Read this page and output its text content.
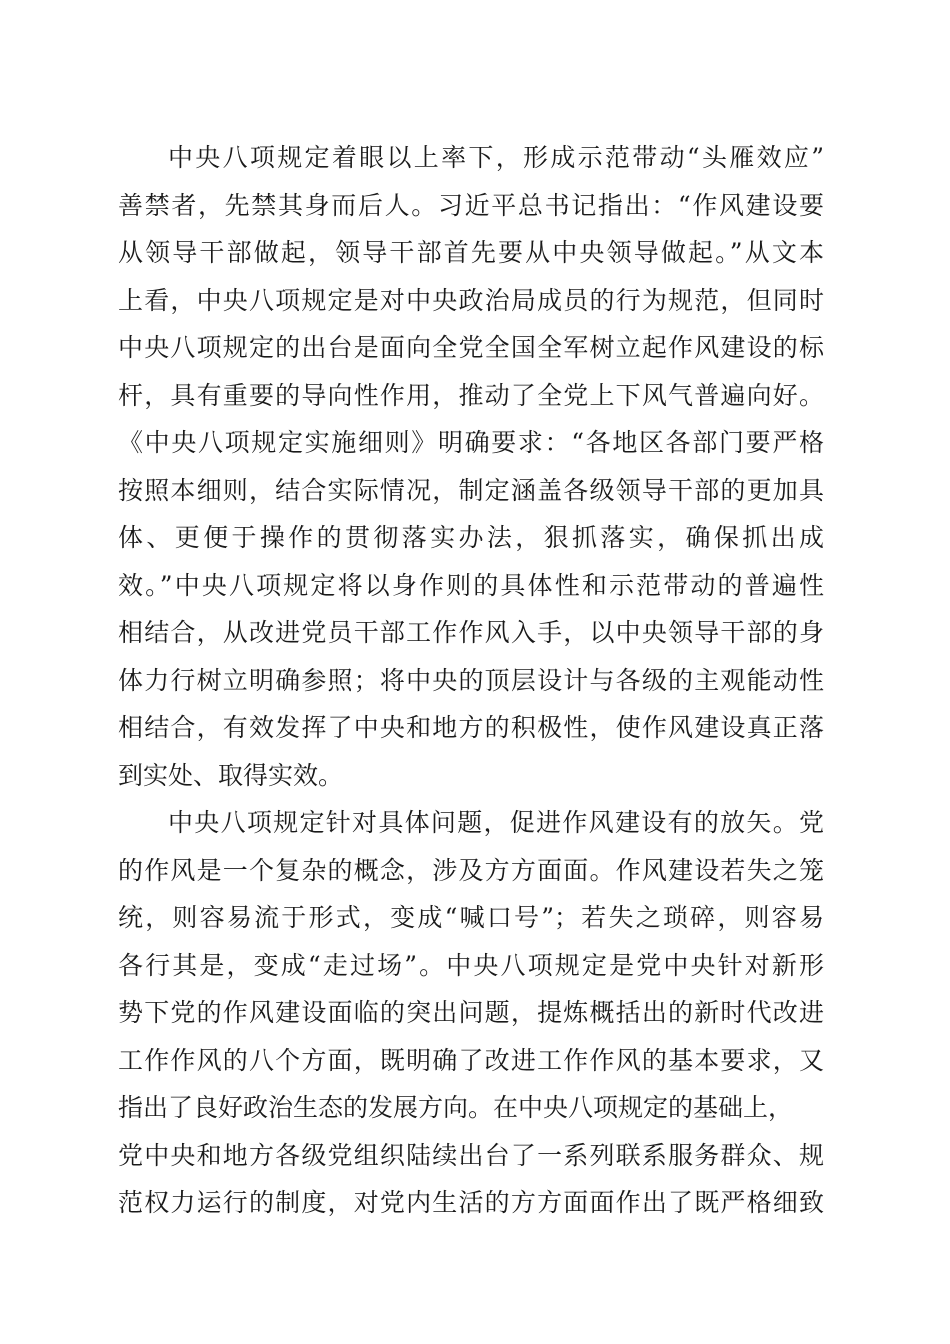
中央八项规定着眼以上率下，形成示范带动“头雁效应”
善禁者，先禁其身而后人。习近平总书记指出：“作风建设要
从领导干部做起，领导干部首先要从中央领导做起。”从文本
上看，中央八项规定是对中央政治局成员的行为规范，但同时
中央八项规定的出台是面向全党全国全军树立起作风建设的标
杆，具有重要的导向性作用，推动了全党上下风气普遍向好。
《中央八项规定实施细则》明确要求：“各地区各部门要严格
按照本细则，结合实际情况，制定涵盖各级领导干部的更加具
体、更便于操作的贯彻落实办法，狠抓落实，确保抓出成
效。”中央八项规定将以身作则的具体性和示范带动的普遍性
相结合，从改进党员干部工作作风入手，以中央领导干部的身
体力行树立明确参照；将中央的顶层设计与各级的主观能动性
相结合，有效发挥了中央和地方的积极性，使作风建设真正落
到实处、取得实效。
中央八项规定针对具体问题，促进作风建设有的放矢。党
的作风是一个复杂的概念，涉及方方面面。作风建设若失之笼
统，则容易流于形式，变成“喊口号”；若失之琐碎，则容易
各行其是，变成“走过场”。中央八项规定是党中央针对新形
势下党的作风建设面临的突出问题，提炼概括出的新时代改进
工作作风的八个方面，既明确了改进工作作风的基本要求，又
指出了良好政治生态的发展方向。在中央八项规定的基础上，
党中央和地方各级党组织陆续出台了一系列联系服务群众、规
范权力运行的制度，对党内生活的方方面面作出了既严格细致
